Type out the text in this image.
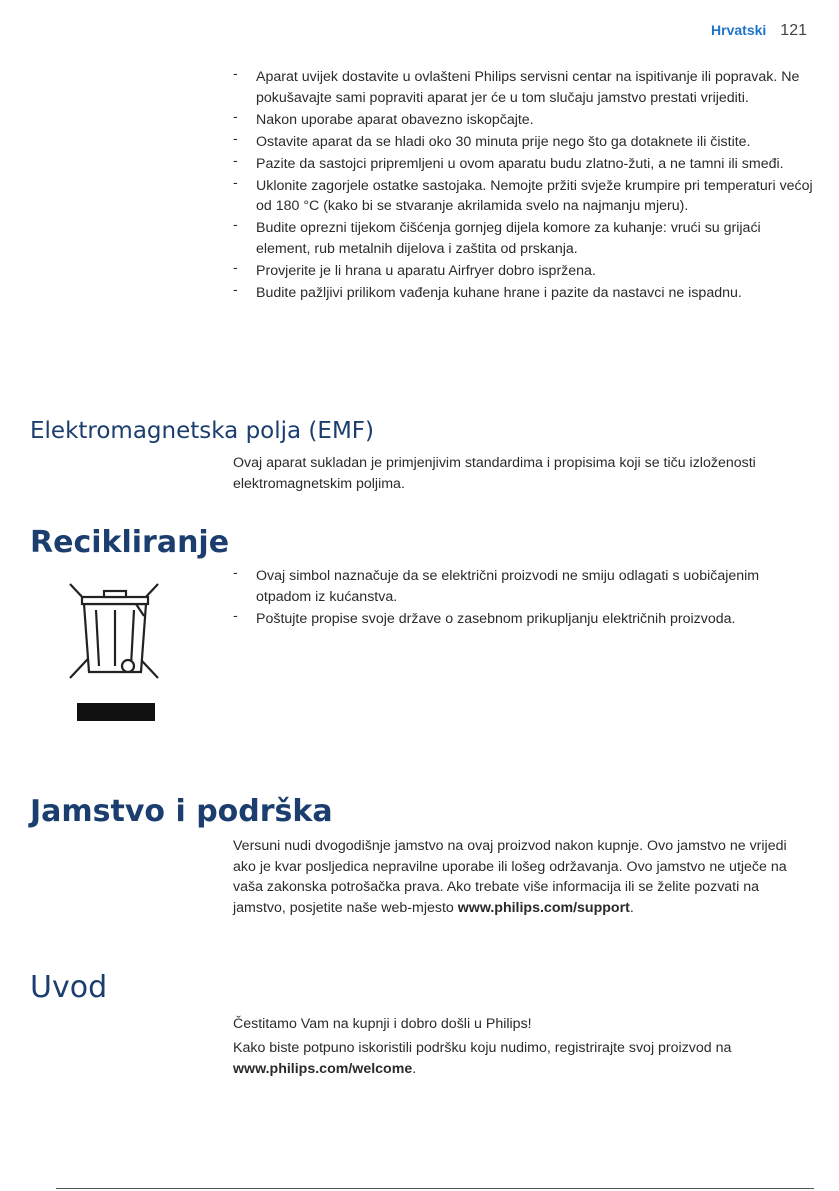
Hrvatski 121
- Aparat uvijek dostavite u ovlašteni Philips servisni centar na ispitivanje ili popravak. Ne pokušavajte sami popraviti aparat jer će u tom slučaju jamstvo prestati vrijediti.
- Nakon uporabe aparat obavezno iskopčajte.
- Ostavite aparat da se hladi oko 30 minuta prije nego što ga dotaknete ili čistite.
- Pazite da sastojci pripremljeni u ovom aparatu budu zlatno-žuti, a ne tamni ili smeđi.
- Uklonite zagorjele ostatke sastojaka. Nemojte pržiti svježe krumpire pri temperaturi većoj od 180 °C (kako bi se stvaranje akrilamida svelo na najmanju mjeru).
- Budite oprezni tijekom čišćenja gornjeg dijela komore za kuhanje: vrući su grijaći element, rub metalnih dijelova i zaštita od prskanja.
- Provjerite je li hrana u aparatu Airfryer dobro ispržena.
- Budite pažljivi prilikom vađenja kuhane hrane i pazite da nastavci ne ispadnu.
Elektromagnetska polja (EMF)

Ovaj aparat sukladan je primjenjivim standardima i propisima koji se tiču izloženosti elektromagnetskim poljima.

Recikliranje
- Ovaj simbol naznačuje da se električni proizvodi ne smiju odlagati s uobičajenim otpadom iz kućanstva.
- Poštujte propise svoje države o zasebnom prikupljanju električnih proizvoda.
Jamstvo i podrška

Versuni nudi dvogodišnje jamstvo na ovaj proizvod nakon kupnje. Ovo jamstvo ne vrijedi ako je kvar posljedica nepravilne uporabe ili lošeg održavanja. Ovo jamstvo ne utječe na vaša zakonska potrošačka prava. Ako trebate više informacija ili se želite pozvati na jamstvo, posjetite naše web-mjesto www.philips.com/support.

Uvod

Čestitamo Vam na kupnji i dobro došli u Philips!

Kako biste potpuno iskoristili podršku koju nudimo, registrirajte svoj proizvod na www.philips.com/welcome.
